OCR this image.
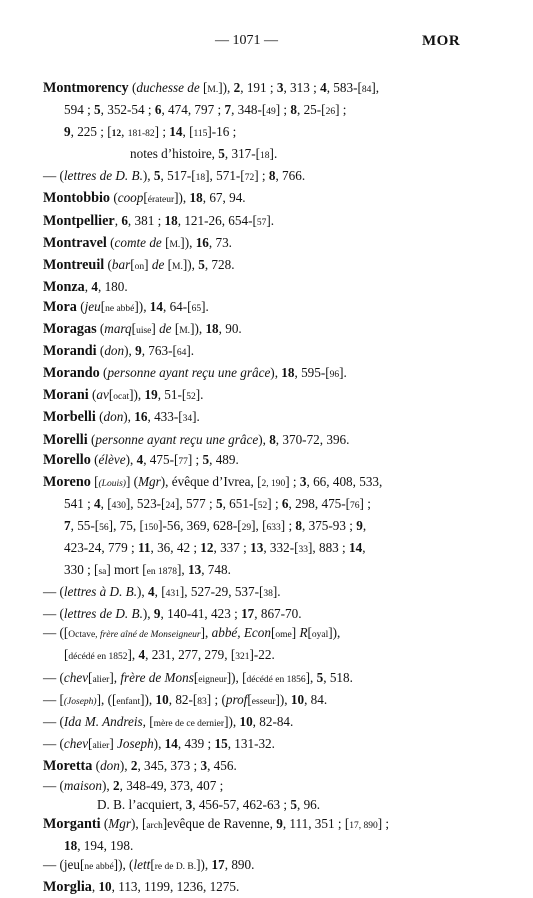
— 1071 —	MOR
Montmorency (duchesse de [M.]), 2, 191 ; 3, 313 ; 4, 583-[84],
594 ; 5, 352-54 ; 6, 474, 797 ; 7, 348-[49] ; 8, 25-[26] ;
9, 225 ; [12, 181-82] ; 14, [115]-16 ;
notes d’histoire, 5, 317-[18].
— (lettres de D. B.), 5, 517-[18], 571-[72] ; 8, 766.
Montobbio (coop[érateur]), 18, 67, 94.
Montpellier, 6, 381 ; 18, 121-26, 654-[57].
Montravel (comte de [M.]), 16, 73.
Montreuil (bar[on] de [M.]), 5, 728.
Monza, 4, 180.
Mora (jeu[ne abbé]), 14, 64-[65].
Moragas (marq[uise] de [M.]), 18, 90.
Morandi (don), 9, 763-[64].
Morando (personne ayant reçu une grâce), 18, 595-[96].
Morani (av[ocat]), 19, 51-[52].
Morbelli (don), 16, 433-[34].
Morelli (personne ayant reçu une grâce), 8, 370-72, 396.
Morello (élève), 4, 475-[77] ; 5, 489.
Moreno [(Louis)] (Mgr), évêque d’Ivrea, [2, 190] ; 3, 66, 408, 533,
541 ; 4, [430], 523-[24], 577 ; 5, 651-[52] ; 6, 298, 475-[76] ;
7, 55-[56], 75, [150]-56, 369, 628-[29], [633] ; 8, 375-93 ; 9,
423-24, 779 ; 11, 36, 42 ; 12, 337 ; 13, 332-[33], 883 ; 14,
330 ; [sa] mort [en 1878], 13, 748.
— (lettres à D. B.), 4, [431], 527-29, 537-[38].
— (lettres de D. B.), 9, 140-41, 423 ; 17, 867-70.
— ([Octave, frère aîné de Monseigneur], abbé, Econ[ome] R[oyal]),
[décédé en 1852], 4, 231, 277, 279, [321]-22.
— (chev[alier], frère de Mons[eigneur]), [décédé en 1856], 5, 518.
— [(Joseph)], ([enfant]), 10, 82-[83] ; (prof[esseur]), 10, 84.
— (Ida M. Andreis, [mère de ce dernier]), 10, 82-84.
— (chev[alier] Joseph), 14, 439 ; 15, 131-32.
Moretta (don), 2, 345, 373 ; 3, 456.
— (maison), 2, 348-49, 373, 407 ;
D. B. l’acquiert, 3, 456-57, 462-63 ; 5, 96.
Morganti (Mgr), [arch]evêque de Ravenne, 9, 111, 351 ; [17, 890] ;
18, 194, 198.
— (jeu[ne abbé]), (lett[re de D. B.]), 17, 890.
Morglia, 10, 113, 1199, 1236, 1275.
